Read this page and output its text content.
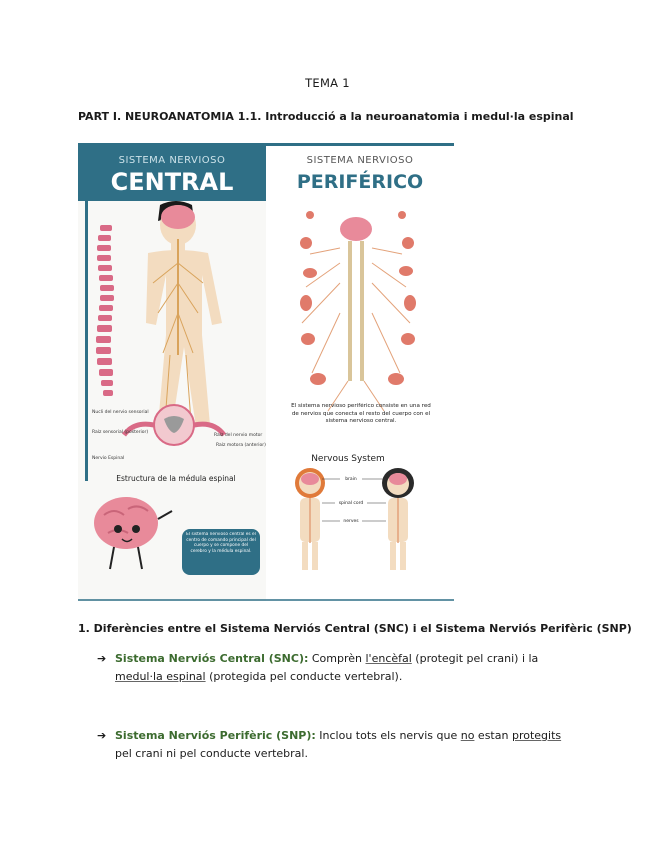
TEMA 1
PART I. NEUROANATOMIA 1.1. Introducció a la neuroanatomia i medul·la espinal
SISTEMA NERVIOSO
CENTRAL
SISTEMA NERVIOSO
PERIFÉRICO
Nucli del nervio sensorial
Raíz sensorial (posterior)
Nervio Espinal
Raíz del nervio motor
Raíz motora (anterior)
Estructura de la médula espinal
El sistema nervioso central es el centro de comando principal del cuerpo y se compone del cerebro y la médula espinal.
El sistema nervioso periférico consiste en una red de nervios que conecta el resto del cuerpo con el sistema nervioso central.
Nervous System
brain
spinal cord
nerves
1. Diferències entre el Sistema Nerviós Central (SNC) i el Sistema Nerviós Perifèric (SNP)
➔ Sistema Nerviós Central (SNC): Comprèn l'encèfal (protegit pel crani) i la medul·la espinal (protegida pel conducte vertebral).
➔ Sistema Nerviós Perifèric (SNP): Inclou tots els nervis que no estan protegits pel crani ni pel conducte vertebral.
